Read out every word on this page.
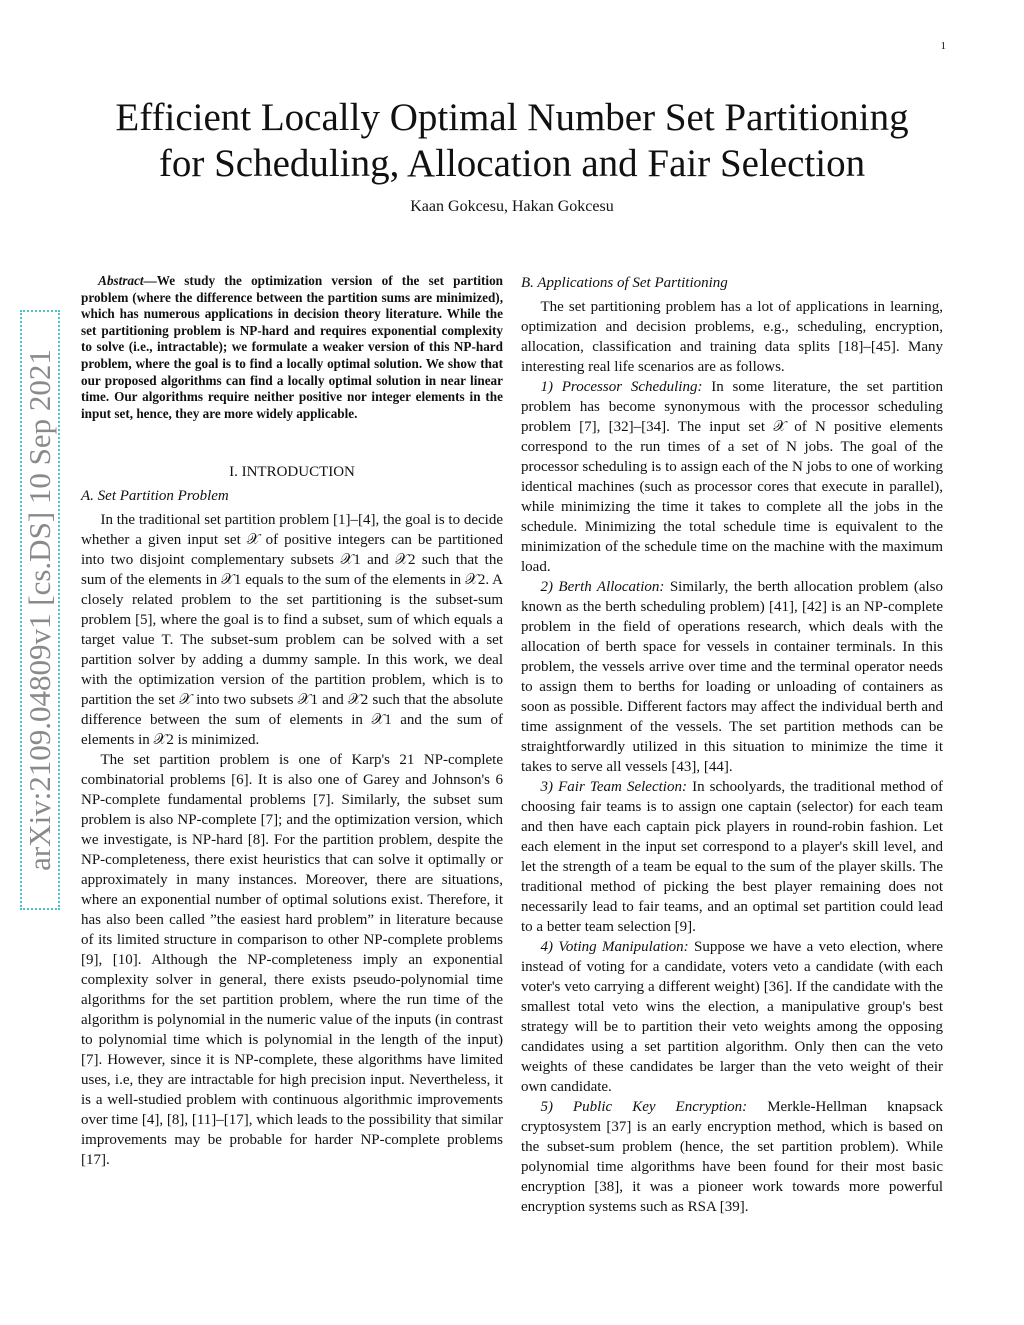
1
arXiv:2109.04809v1 [cs.DS] 10 Sep 2021
Efficient Locally Optimal Number Set Partitioning
for Scheduling, Allocation and Fair Selection
Kaan Gokcesu, Hakan Gokcesu

Abstract—We study the optimization version of the set partition problem (where the difference between the partition sums are minimized), which has numerous applications in decision theory literature. While the set partitioning problem is NP-hard and requires exponential complexity to solve (i.e., intractable); we formulate a weaker version of this NP-hard problem, where the goal is to find a locally optimal solution. We show that our proposed algorithms can find a locally optimal solution in near linear time. Our algorithms require neither positive nor integer elements in the input set, hence, they are more widely applicable.

I. INTRODUCTION
A. Set Partition Problem

In the traditional set partition problem [1]–[4], the goal is to decide whether a given input set 𝒳 of positive integers can be partitioned into two disjoint complementary subsets 𝒳1 and 𝒳2 such that the sum of the elements in 𝒳1 equals to the sum of the elements in 𝒳2. A closely related problem to the set partitioning is the subset-sum problem [5], where the goal is to find a subset, sum of which equals a target value T. The subset-sum problem can be solved with a set partition solver by adding a dummy sample. In this work, we deal with the optimization version of the partition problem, which is to partition the set 𝒳 into two subsets 𝒳1 and 𝒳2 such that the absolute difference between the sum of elements in 𝒳1 and the sum of elements in 𝒳2 is minimized.

The set partition problem is one of Karp's 21 NP-complete combinatorial problems [6]. It is also one of Garey and Johnson's 6 NP-complete fundamental problems [7]. Similarly, the subset sum problem is also NP-complete [7]; and the optimization version, which we investigate, is NP-hard [8]. For the partition problem, despite the NP-completeness, there exist heuristics that can solve it optimally or approximately in many instances. Moreover, there are situations, where an exponential number of optimal solutions exist. Therefore, it has also been called ”the easiest hard problem” in literature because of its limited structure in comparison to other NP-complete problems [9], [10]. Although the NP-completeness imply an exponential complexity solver in general, there exists pseudo-polynomial time algorithms for the set partition problem, where the run time of the algorithm is polynomial in the numeric value of the inputs (in contrast to polynomial time which is polynomial in the length of the input) [7]. However, since it is NP-complete, these algorithms have limited uses, i.e, they are intractable for high precision input. Nevertheless, it is a well-studied problem with continuous algorithmic improvements over time [4], [8], [11]–[17], which leads to the possibility that similar improvements may be probable for harder NP-complete problems [17].

B. Applications of Set Partitioning

The set partitioning problem has a lot of applications in learning, optimization and decision problems, e.g., scheduling, encryption, allocation, classification and training data splits [18]–[45]. Many interesting real life scenarios are as follows.

1) Processor Scheduling: In some literature, the set partition problem has become synonymous with the processor scheduling problem [7], [32]–[34]. The input set 𝒳 of N positive elements correspond to the run times of a set of N jobs. The goal of the processor scheduling is to assign each of the N jobs to one of working identical machines (such as processor cores that execute in parallel), while minimizing the time it takes to complete all the jobs in the schedule. Minimizing the total schedule time is equivalent to the minimization of the schedule time on the machine with the maximum load.

2) Berth Allocation: Similarly, the berth allocation problem (also known as the berth scheduling problem) [41], [42] is an NP-complete problem in the field of operations research, which deals with the allocation of berth space for vessels in container terminals. In this problem, the vessels arrive over time and the terminal operator needs to assign them to berths for loading or unloading of containers as soon as possible. Different factors may affect the individual berth and time assignment of the vessels. The set partition methods can be straightforwardly utilized in this situation to minimize the time it takes to serve all vessels [43], [44].

3) Fair Team Selection: In schoolyards, the traditional method of choosing fair teams is to assign one captain (selector) for each team and then have each captain pick players in round-robin fashion. Let each element in the input set correspond to a player's skill level, and let the strength of a team be equal to the sum of the player skills. The traditional method of picking the best player remaining does not necessarily lead to fair teams, and an optimal set partition could lead to a better team selection [9].

4) Voting Manipulation: Suppose we have a veto election, where instead of voting for a candidate, voters veto a candidate (with each voter's veto carrying a different weight) [36]. If the candidate with the smallest total veto wins the election, a manipulative group's best strategy will be to partition their veto weights among the opposing candidates using a set partition algorithm. Only then can the veto weights of these candidates be larger than the veto weight of their own candidate.

5) Public Key Encryption: Merkle-Hellman knapsack cryptosystem [37] is an early encryption method, which is based on the subset-sum problem (hence, the set partition problem). While polynomial time algorithms have been found for their most basic encryption [38], it was a pioneer work towards more powerful encryption systems such as RSA [39].
